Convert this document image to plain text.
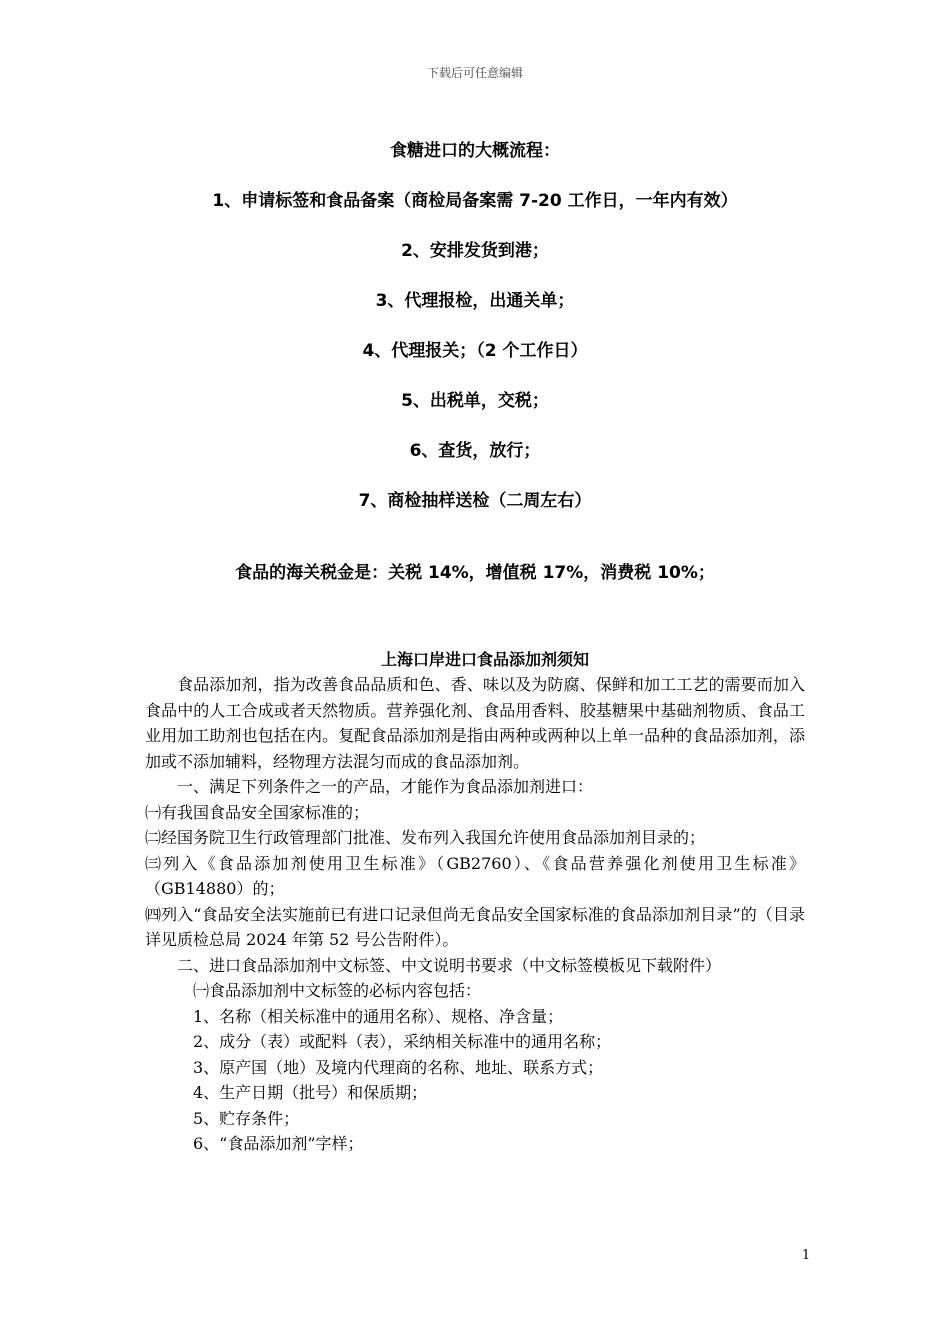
下载后可任意编辑
食糖进口的大概流程：
1、申请标签和食品备案（商检局备案需 7-20 工作日，一年内有效）
2、安排发货到港；
3、代理报检，出通关单；
4、代理报关；（2 个工作日）
5、出税单，交税；
6、查货，放行；
7、商检抽样送检（二周左右）
食品的海关税金是：关税 14%，增值税 17%，消费税 10%；
上海口岸进口食品添加剂须知

食品添加剂，指为改善食品品质和色、香、味以及为防腐、保鲜和加工工艺的需要而加入食品中的人工合成或者天然物质。营养强化剂、食品用香料、胶基糖果中基础剂物质、食品工业用加工助剂也包括在内。复配食品添加剂是指由两种或两种以上单一品种的食品添加剂，添加或不添加辅料，经物理方法混匀而成的食品添加剂。

一、满足下列条件之一的产品，才能作为食品添加剂进口：

㈠有我国食品安全国家标准的；

㈡经国务院卫生行政管理部门批准、发布列入我国允许使用食品添加剂目录的；

㈢列入《食品添加剂使用卫生标准》（GB2760）、《食品营养强化剂使用卫生标准》（GB14880）的；

㈣列入“食品安全法实施前已有进口记录但尚无食品安全国家标准的食品添加剂目录”的（目录详见质检总局 2024 年第 52 号公告附件）。

二、进口食品添加剂中文标签、中文说明书要求（中文标签模板见下载附件）

㈠食品添加剂中文标签的必标内容包括：

1、名称（相关标准中的通用名称）、规格、净含量；

2、成分（表）或配料（表），采纳相关标准中的通用名称；

3、原产国（地）及境内代理商的名称、地址、联系方式；

4、生产日期（批号）和保质期；

5、贮存条件；

6、“食品添加剂”字样；

1
